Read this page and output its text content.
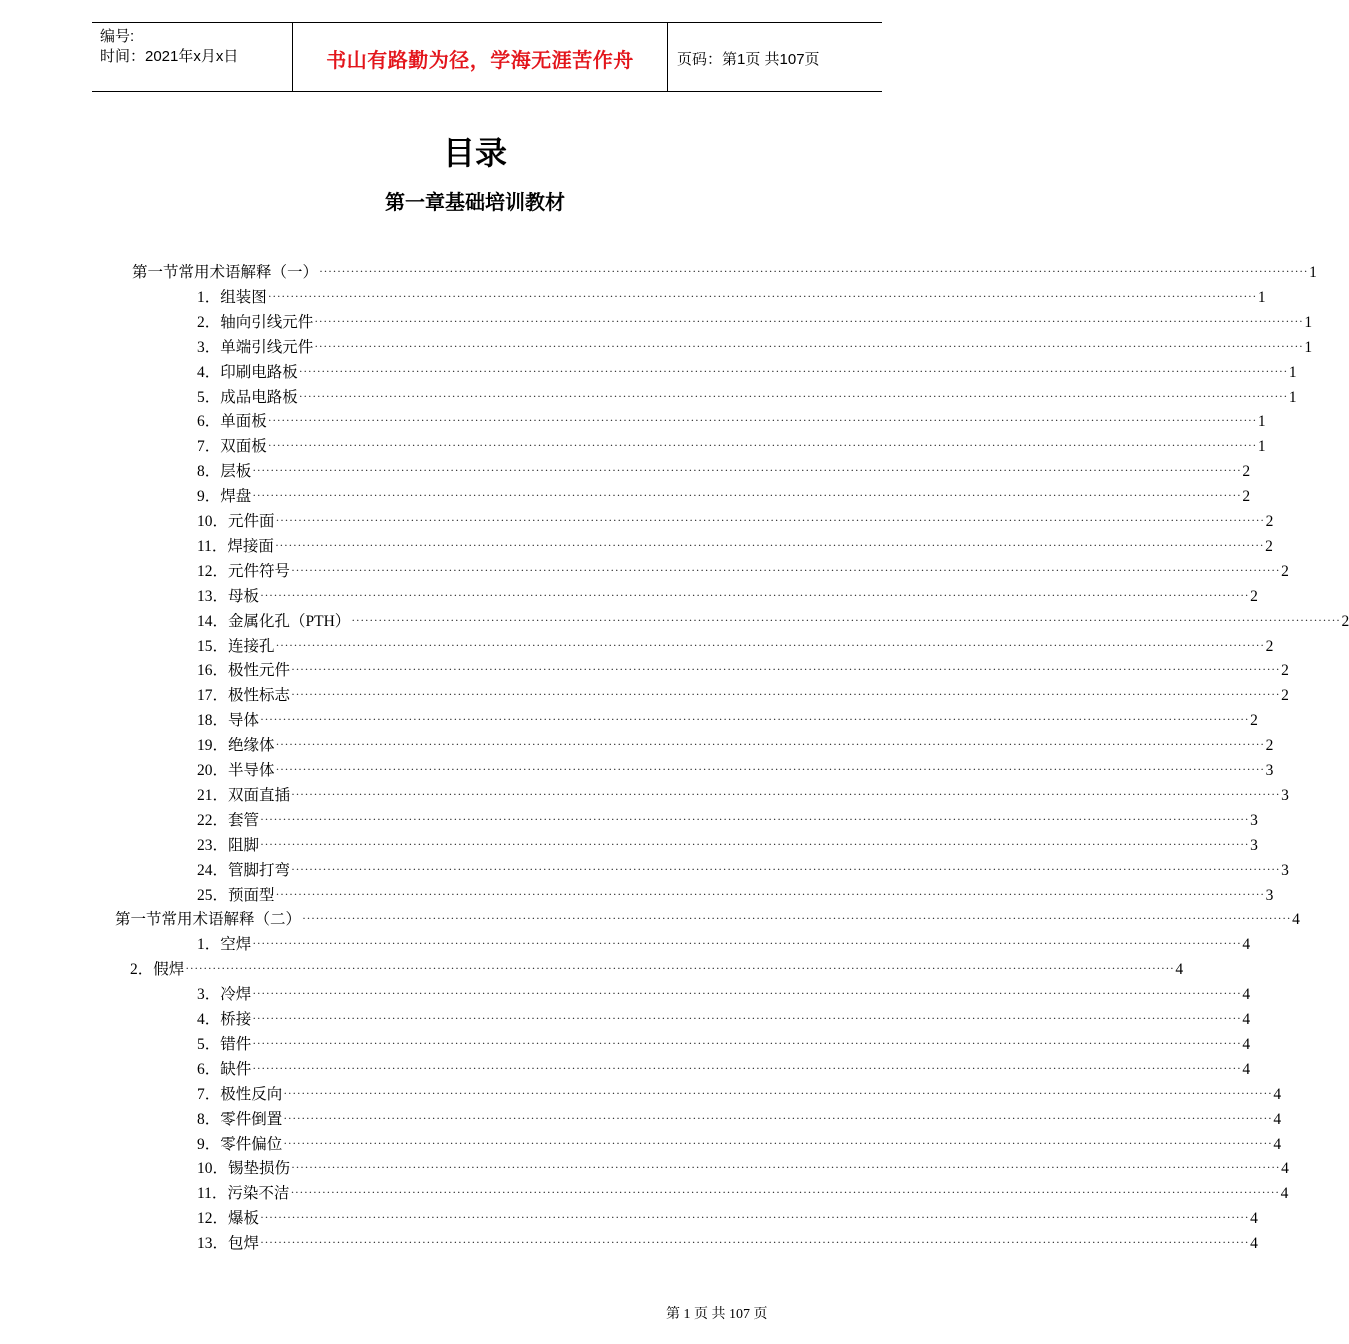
编号:
时间：2021年x月x日	书山有路勤为径，学海无涯苦作舟	页码：第1页 共107页
目录
第一章基础培训教材
第一节常用术语解释（一） ···························································································································································································································· 1
1．组装图 ···························································································································································································································· 1
2．轴向引线元件 ···························································································································································································································· 1
3．单端引线元件 ···························································································································································································································· 1
4．印刷电路板 ···························································································································································································································· 1
5．成品电路板 ···························································································································································································································· 1
6．单面板 ···························································································································································································································· 1
7．双面板 ···························································································································································································································· 1
8．层板 ···························································································································································································································· 2
9．焊盘 ···························································································································································································································· 2
10．元件面 ···························································································································································································································· 2
11．焊接面 ···························································································································································································································· 2
12．元件符号 ···························································································································································································································· 2
13．母板 ···························································································································································································································· 2
14．金属化孔（PTH） ···························································································································································································································· 2
15．连接孔 ···························································································································································································································· 2
16．极性元件 ···························································································································································································································· 2
17．极性标志 ···························································································································································································································· 2
18．导体 ···························································································································································································································· 2
19．绝缘体 ···························································································································································································································· 2
20．半导体 ···························································································································································································································· 3
21．双面直插 ···························································································································································································································· 3
22．套管 ···························································································································································································································· 3
23．阻脚 ···························································································································································································································· 3
24．管脚打弯 ···························································································································································································································· 3
25．预面型 ···························································································································································································································· 3
第一节常用术语解释（二） ···························································································································································································································· 4
1．空焊 ···························································································································································································································· 4
2．假焊 ···························································································································································································································· 4
3．冷焊 ···························································································································································································································· 4
4．桥接 ···························································································································································································································· 4
5．错件 ···························································································································································································································· 4
6．缺件 ···························································································································································································································· 4
7．极性反向 ···························································································································································································································· 4
8．零件倒置 ···························································································································································································································· 4
9．零件偏位 ···························································································································································································································· 4
10．锡垫损伤 ···························································································································································································································· 4
11．污染不洁 ···························································································································································································································· 4
12．爆板 ···························································································································································································································· 4
13．包焊 ···························································································································································································································· 4
第 1 页 共 107 页
